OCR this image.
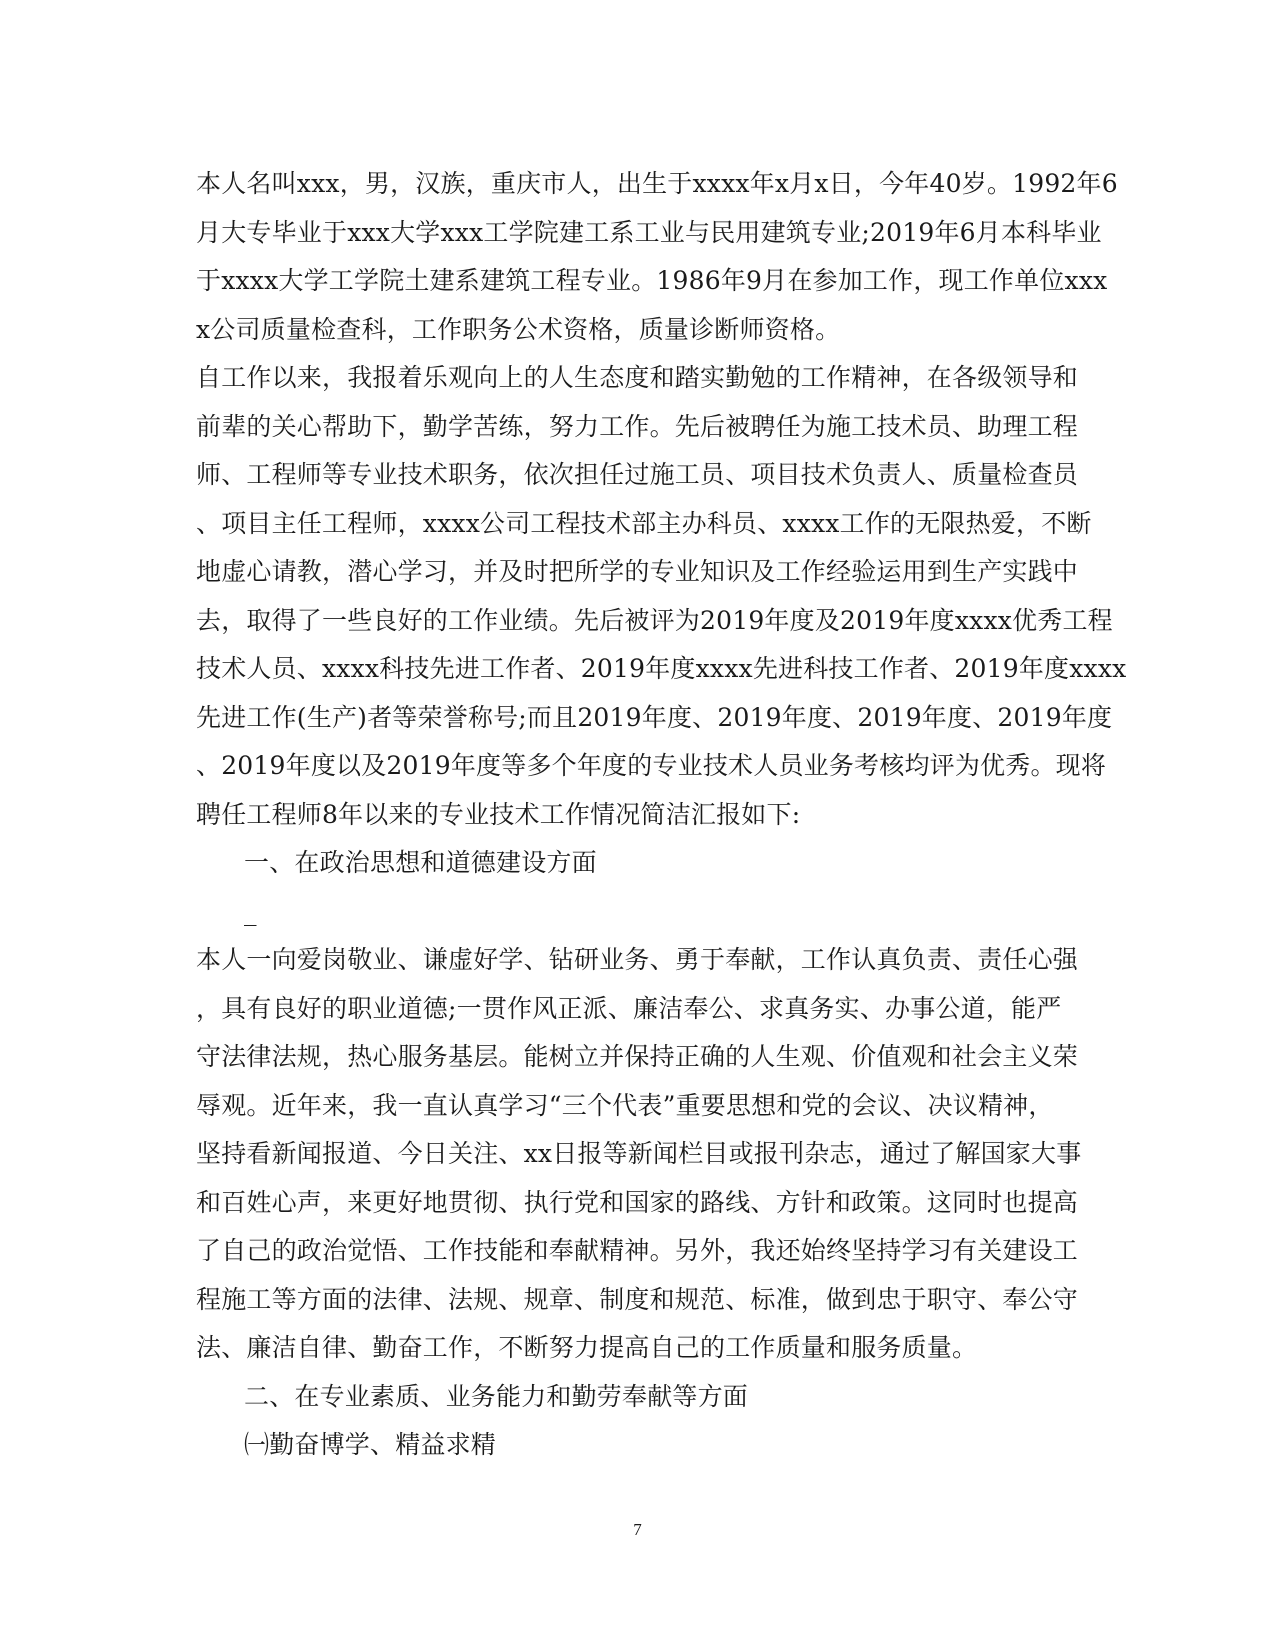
本人名叫xxx，男，汉族，重庆市人，出生于xxxx年x月x日，今年40岁。1992年6
月大专毕业于xxx大学xxx工学院建工系工业与民用建筑专业;2019年6月本科毕业
于xxxx大学工学院土建系建筑工程专业。1986年9月在参加工作，现工作单位xxx
x公司质量检查科，工作职务公术资格，质量诊断师资格。
自工作以来，我报着乐观向上的人生态度和踏实勤勉的工作精神，在各级领导和
前辈的关心帮助下，勤学苦练，努力工作。先后被聘任为施工技术员、助理工程
师、工程师等专业技术职务，依次担任过施工员、项目技术负责人、质量检查员
、项目主任工程师，xxxx公司工程技术部主办科员、xxxx工作的无限热爱，不断
地虚心请教，潜心学习，并及时把所学的专业知识及工作经验运用到生产实践中
去，取得了一些良好的工作业绩。先后被评为2019年度及2019年度xxxx优秀工程
技术人员、xxxx科技先进工作者、2019年度xxxx先进科技工作者、2019年度xxxx
先进工作(生产)者等荣誉称号;而且2019年度、2019年度、2019年度、2019年度
、2019年度以及2019年度等多个年度的专业技术人员业务考核均评为优秀。现将
聘任工程师8年以来的专业技术工作情况简洁汇报如下:
一、在政治思想和道德建设方面
_
本人一向爱岗敬业、谦虚好学、钻研业务、勇于奉献，工作认真负责、责任心强
，具有良好的职业道德;一贯作风正派、廉洁奉公、求真务实、办事公道，能严
守法律法规，热心服务基层。能树立并保持正确的人生观、价值观和社会主义荣
辱观。近年来，我一直认真学习“三个代表”重要思想和党的会议、决议精神，
坚持看新闻报道、今日关注、xx日报等新闻栏目或报刊杂志，通过了解国家大事
和百姓心声，来更好地贯彻、执行党和国家的路线、方针和政策。这同时也提高
了自己的政治觉悟、工作技能和奉献精神。另外，我还始终坚持学习有关建设工
程施工等方面的法律、法规、规章、制度和规范、标准，做到忠于职守、奉公守
法、廉洁自律、勤奋工作，不断努力提高自己的工作质量和服务质量。
二、在专业素质、业务能力和勤劳奉献等方面
㈠勤奋博学、精益求精
7
